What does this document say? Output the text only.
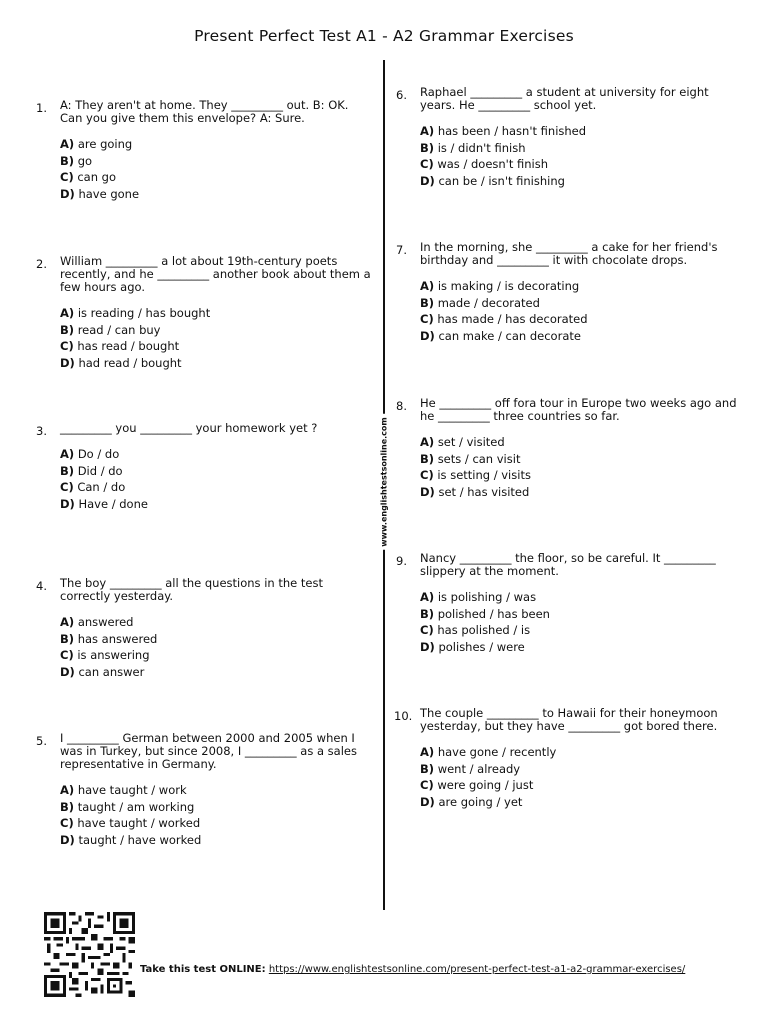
Present Perfect Test A1 - A2 Grammar Exercises
www.englishtestsonline.com
1. A: They aren't at home. They _________ out. B: OK. Can you give them this envelope? A: Sure.
A) are going
B) go
C) can go
D) have gone
2. William _________ a lot about 19th-century poets recently, and he _________ another book about them a few hours ago.
A) is reading / has bought
B) read / can buy
C) has read / bought
D) had read / bought
3. _________ you _________ your homework yet ?
A) Do / do
B) Did / do
C) Can / do
D) Have / done
4. The boy _________ all the questions in the test correctly yesterday.
A) answered
B) has answered
C) is answering
D) can answer
5. I _________ German between 2000 and 2005 when I was in Turkey, but since 2008, I _________ as a sales representative in Germany.
A) have taught / work
B) taught / am working
C) have taught / worked
D) taught / have worked
6. Raphael _________ a student at university for eight years. He _________ school yet.
A) has been / hasn't finished
B) is / didn't finish
C) was / doesn't finish
D) can be / isn't finishing
7. In the morning, she _________ a cake for her friend's birthday and _________ it with chocolate drops.
A) is making / is decorating
B) made / decorated
C) has made / has decorated
D) can make / can decorate
8. He _________ off fora tour in Europe two weeks ago and he _________ three countries so far.
A) set / visited
B) sets / can visit
C) is setting / visits
D) set / has visited
9. Nancy _________ the floor, so be careful. It _________ slippery at the moment.
A) is polishing / was
B) polished / has been
C) has polished / is
D) polishes / were
10. The couple _________ to Hawaii for their honeymoon yesterday, but they have _________ got bored there.
A) have gone / recently
B) went / already
C) were going / just
D) are going / yet
Take this test ONLINE: https://www.englishtestsonline.com/present-perfect-test-a1-a2-grammar-exercises/
